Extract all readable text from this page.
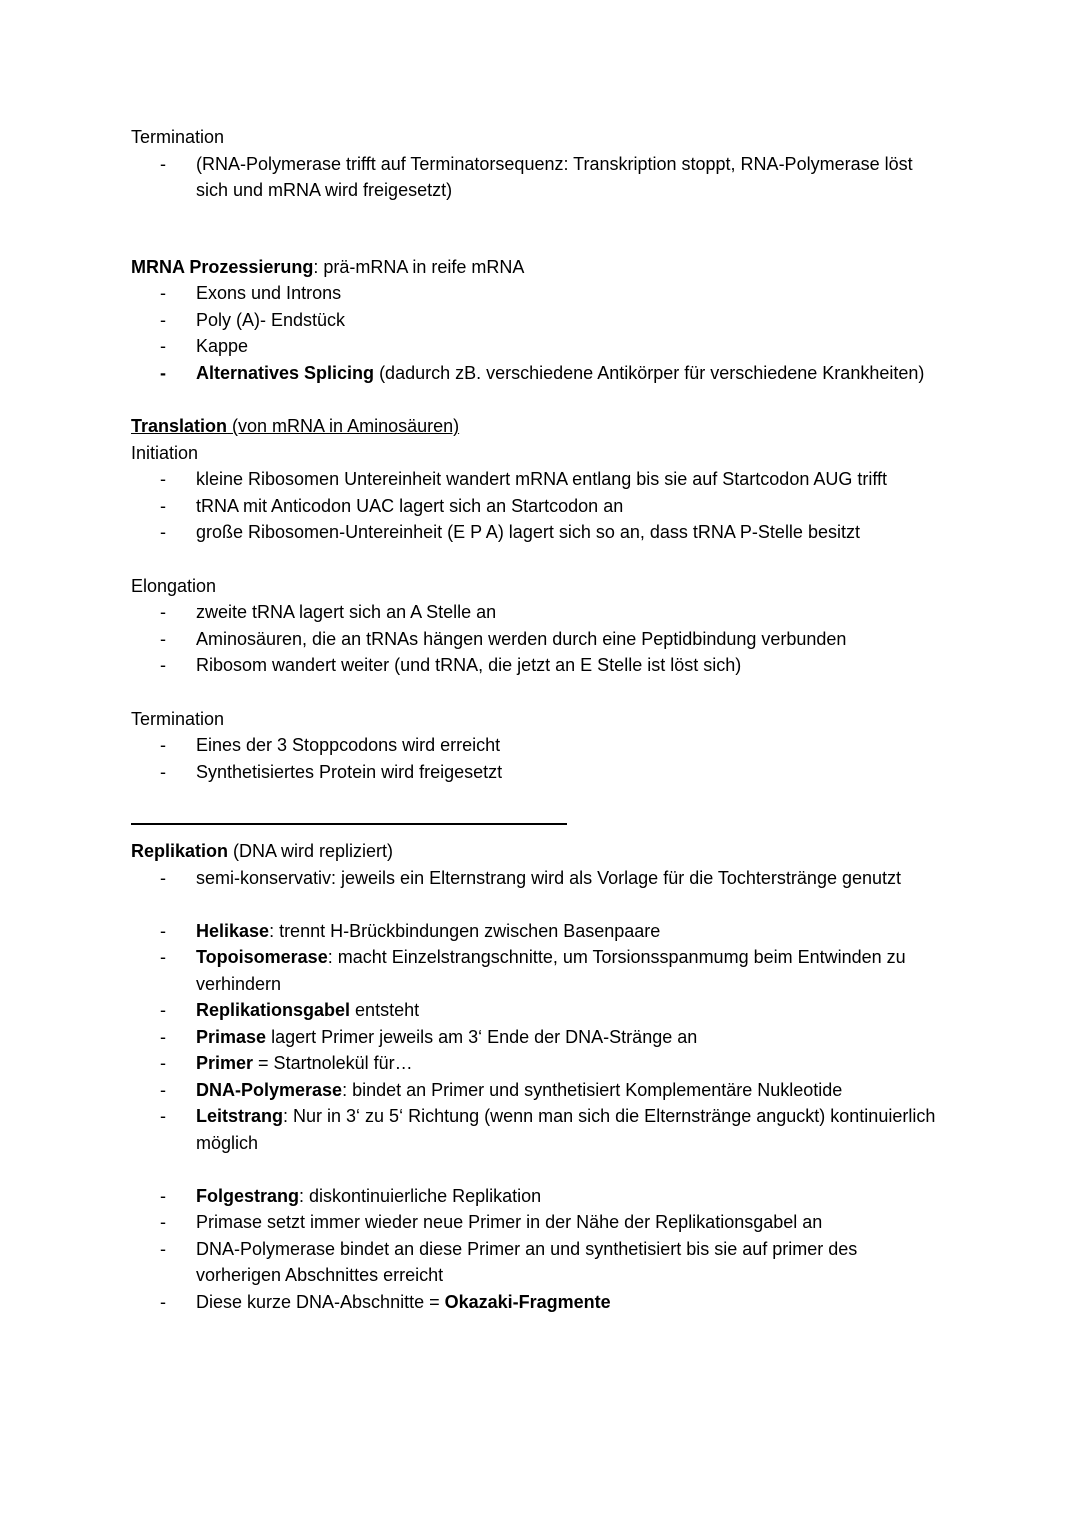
Termination
- (RNA-Polymerase trifft auf Terminatorsequenz: Transkription stoppt, RNA-Polymerase löst sich und mRNA wird freigesetzt)
MRNA Prozessierung: prä-mRNA in reife mRNA
- Exons und Introns
- Poly (A)- Endstück
- Kappe
- Alternatives Splicing (dadurch zB. verschiedene Antikörper für verschiedene Krankheiten)
Translation (von mRNA in Aminosäuren)
Initiation
- kleine Ribosomen Untereinheit wandert mRNA entlang bis sie auf Startcodon AUG trifft
- tRNA mit Anticodon UAC lagert sich an Startcodon an
- große Ribosomen-Untereinheit (E P A) lagert sich so an, dass tRNA P-Stelle besitzt
Elongation
- zweite tRNA lagert sich an A Stelle an
- Aminosäuren, die an tRNAs hängen werden durch eine Peptidbindung verbunden
- Ribosom wandert weiter (und tRNA, die jetzt an E Stelle ist löst sich)
Termination
- Eines der 3 Stoppcodons wird erreicht
- Synthetisiertes Protein wird freigesetzt
Replikation (DNA wird repliziert)
- semi-konservativ: jeweils ein Elternstrang wird als Vorlage für die Tochterstränge genutzt
- Helikase: trennt H-Brückbindungen zwischen Basenpaare
- Topoisomerase: macht Einzelstrangschnitte, um Torsionsspanmumg beim Entwinden zu verhindern
- Replikationsgabel entsteht
- Primase lagert Primer jeweils am 3‘ Ende der DNA-Stränge an
- Primer = Startnolekül für…
- DNA-Polymerase: bindet an Primer und synthetisiert Komplementäre Nukleotide
- Leitstrang: Nur in 3‘ zu 5‘ Richtung (wenn man sich die Elternstränge anguckt) kontinuierlich möglich
- Folgestrang: diskontinuierliche Replikation
- Primase setzt immer wieder neue Primer in der Nähe der Replikationsgabel an
- DNA-Polymerase bindet an diese Primer an und synthetisiert bis sie auf primer des vorherigen Abschnittes erreicht
- Diese kurze DNA-Abschnitte = Okazaki-Fragmente
